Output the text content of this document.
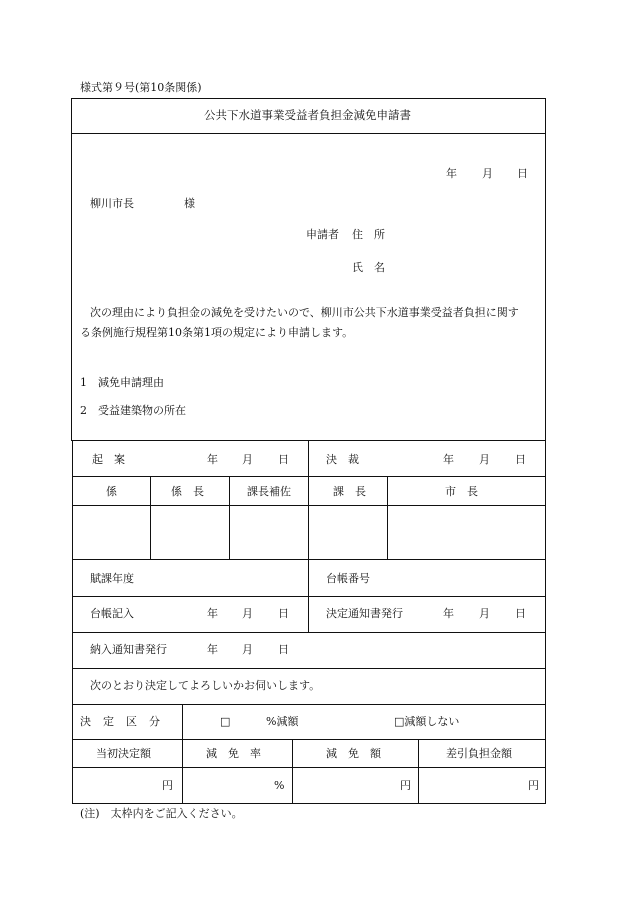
様式第９号(第10条関係)
公共下水道事業受益者負担金減免申請書
年 月 日
柳川市長	様
申請者 住　所
氏　名
次の理由により負担金の減免を受けたいので、柳川市公共下水道事業受益者負担に関す
る条例施行規程第10条第1項の規定により申請します。
1　減免申請理由
2　受益建築物の所在
起　案	年 月 日	決　裁	年 月 日
係	係　長	課長補佐	課　長	市　長
賦課年度	台帳番号
台帳記入	年 月 日	決定通知書発行	年 月 日
納入通知書発行	年 月 日
次のとおり決定してよろしいかお伺いします。
決　定　区　分	□	%減額	□減額しない
当初決定額	減　免　率	減　免　額	差引負担金額
円	%	円	円
(注)　太枠内をご記入ください。
